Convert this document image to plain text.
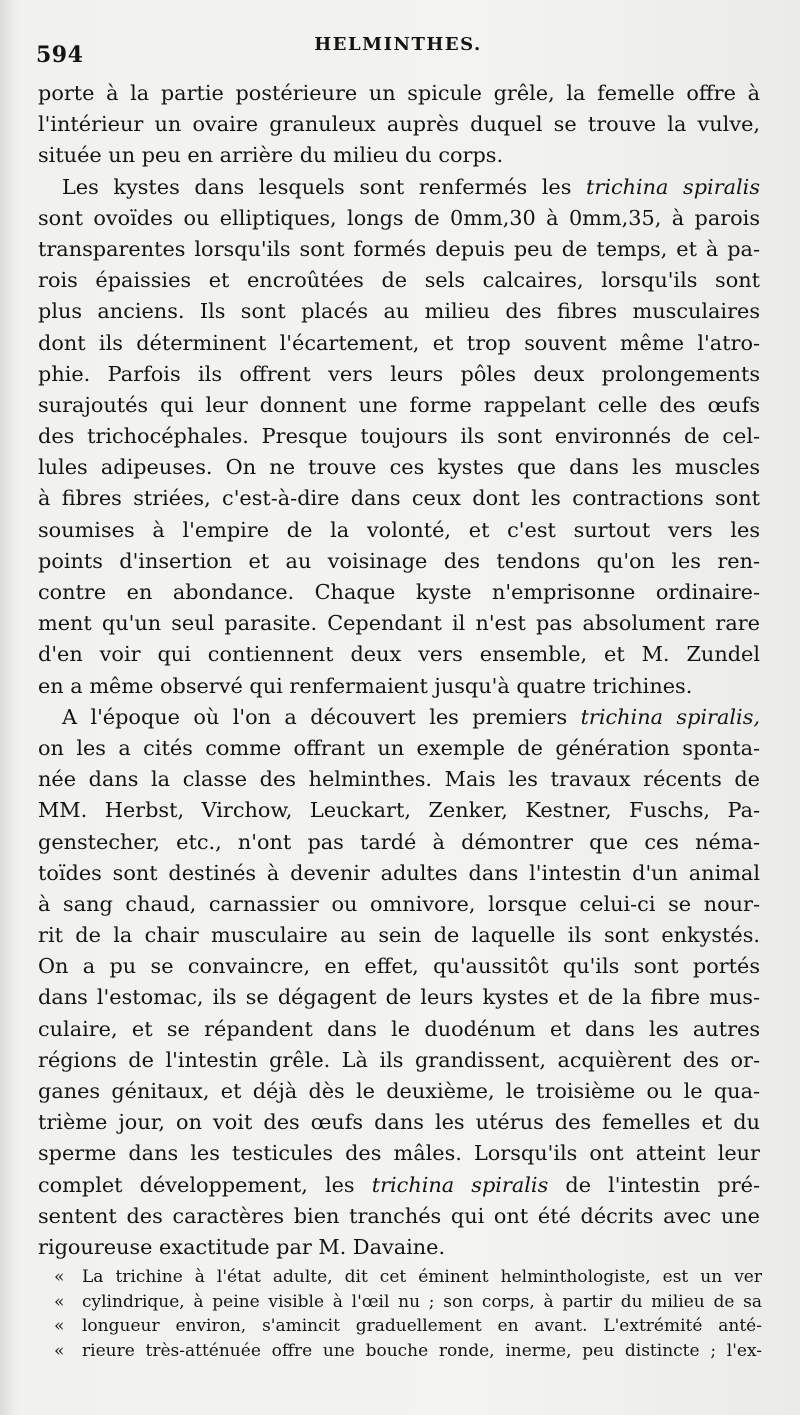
594	HELMINTHES.
porte à la partie postérieure un spicule grêle, la femelle offre à
l'intérieur un ovaire granuleux auprès duquel se trouve la vulve,
située un peu en arrière du milieu du corps.
Les kystes dans lesquels sont renfermés les trichina spiralis
sont ovoïdes ou elliptiques, longs de 0mm,30 à 0mm,35, à parois
transparentes lorsqu'ils sont formés depuis peu de temps, et à pa-
rois épaissies et encroûtées de sels calcaires, lorsqu'ils sont
plus anciens. Ils sont placés au milieu des fibres musculaires
dont ils déterminent l'écartement, et trop souvent même l'atro-
phie. Parfois ils offrent vers leurs pôles deux prolongements
surajoutés qui leur donnent une forme rappelant celle des œufs
des trichocéphales. Presque toujours ils sont environnés de cel-
lules adipeuses. On ne trouve ces kystes que dans les muscles
à fibres striées, c'est-à-dire dans ceux dont les contractions sont
soumises à l'empire de la volonté, et c'est surtout vers les
points d'insertion et au voisinage des tendons qu'on les ren-
contre en abondance. Chaque kyste n'emprisonne ordinaire-
ment qu'un seul parasite. Cependant il n'est pas absolument rare
d'en voir qui contiennent deux vers ensemble, et M. Zundel
en a même observé qui renfermaient jusqu'à quatre trichines.
A l'époque où l'on a découvert les premiers trichina spiralis,
on les a cités comme offrant un exemple de génération sponta-
née dans la classe des helminthes. Mais les travaux récents de
MM. Herbst, Virchow, Leuckart, Zenker, Kestner, Fuschs, Pa-
genstecher, etc., n'ont pas tardé à démontrer que ces néma-
toïdes sont destinés à devenir adultes dans l'intestin d'un animal
à sang chaud, carnassier ou omnivore, lorsque celui-ci se nour-
rit de la chair musculaire au sein de laquelle ils sont enkystés.
On a pu se convaincre, en effet, qu'aussitôt qu'ils sont portés
dans l'estomac, ils se dégagent de leurs kystes et de la fibre mus-
culaire, et se répandent dans le duodénum et dans les autres
régions de l'intestin grêle. Là ils grandissent, acquièrent des or-
ganes génitaux, et déjà dès le deuxième, le troisième ou le qua-
trième jour, on voit des œufs dans les utérus des femelles et du
sperme dans les testicules des mâles. Lorsqu'ils ont atteint leur
complet développement, les trichina spiralis de l'intestin pré-
sentent des caractères bien tranchés qui ont été décrits avec une
rigoureuse exactitude par M. Davaine.
« La trichine à l'état adulte, dit cet éminent helminthologiste, est un ver
« cylindrique, à peine visible à l'œil nu ; son corps, à partir du milieu de sa
« longueur environ, s'amincit graduellement en avant. L'extrémité anté-
« rieure très-atténuée offre une bouche ronde, inerme, peu distincte ; l'ex-
